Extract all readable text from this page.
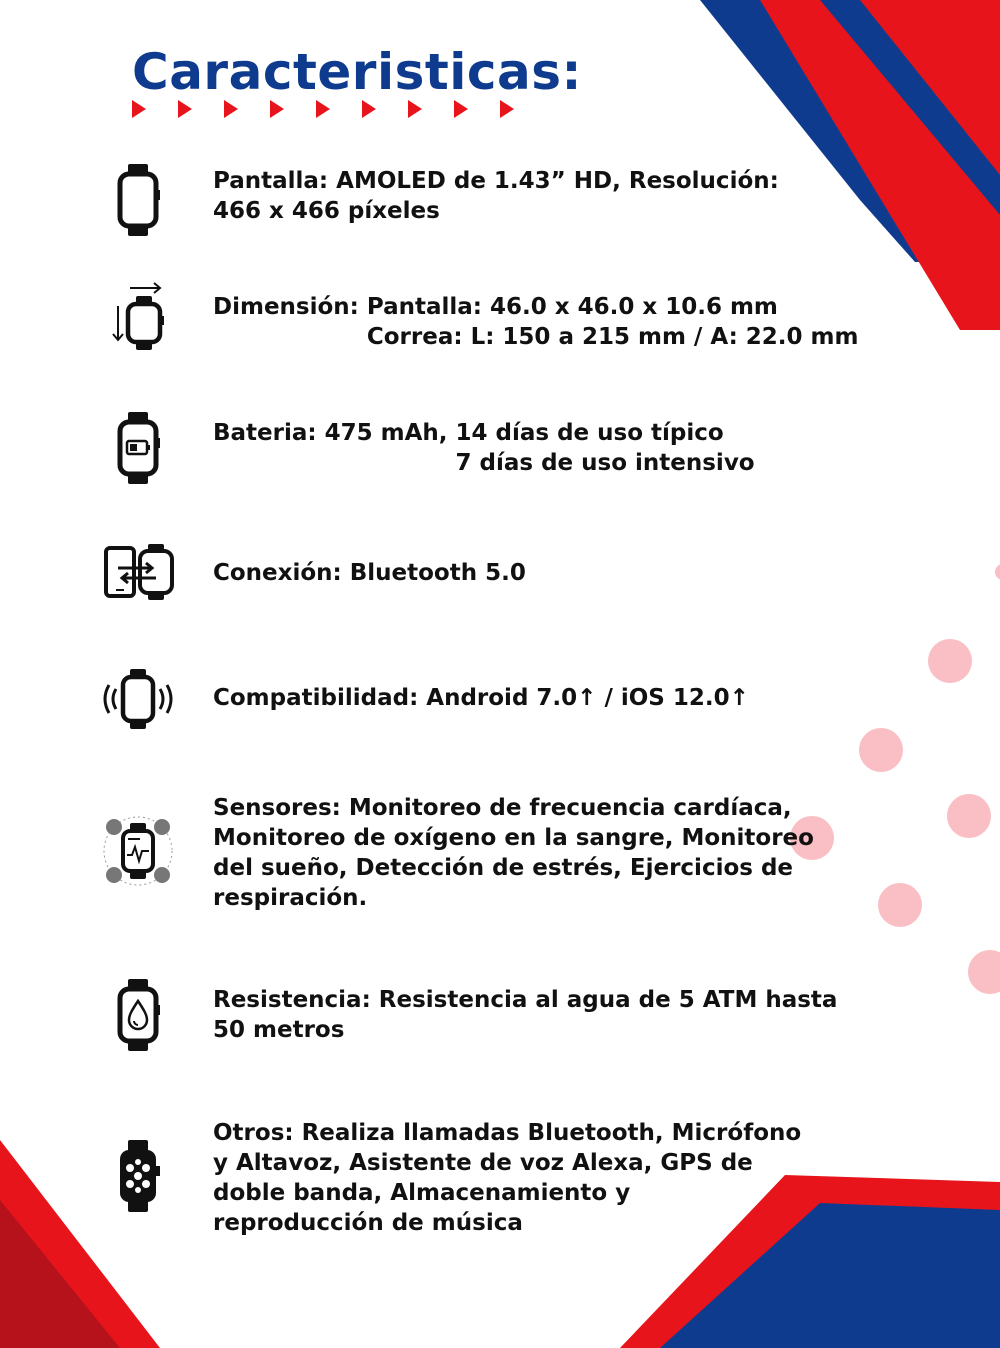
Caracteristicas:

Pantalla: AMOLED de 1.43” HD, Resolución:

466 x 466 píxeles

Dimensión: Pantalla: 46.0 x 46.0 x 10.6 mm
Correa: L: 150 a 215 mm / A: 22.0 mm
Bateria: 475 mAh, 14 días de uso típico
7 días de uso intensivo

Conexión: Bluetooth 5.0

Compatibilidad: Android 7.0↑ / iOS 12.0↑

Sensores: Monitoreo de frecuencia cardíaca,

Monitoreo de oxígeno en la sangre, Monitoreo

del sueño, Detección de estrés, Ejercicios de

respiración.

Resistencia: Resistencia al agua de 5 ATM hasta

50 metros

Otros: Realiza llamadas Bluetooth, Micrófono

y Altavoz, Asistente de voz Alexa, GPS de

doble banda, Almacenamiento y

reproducción de música
